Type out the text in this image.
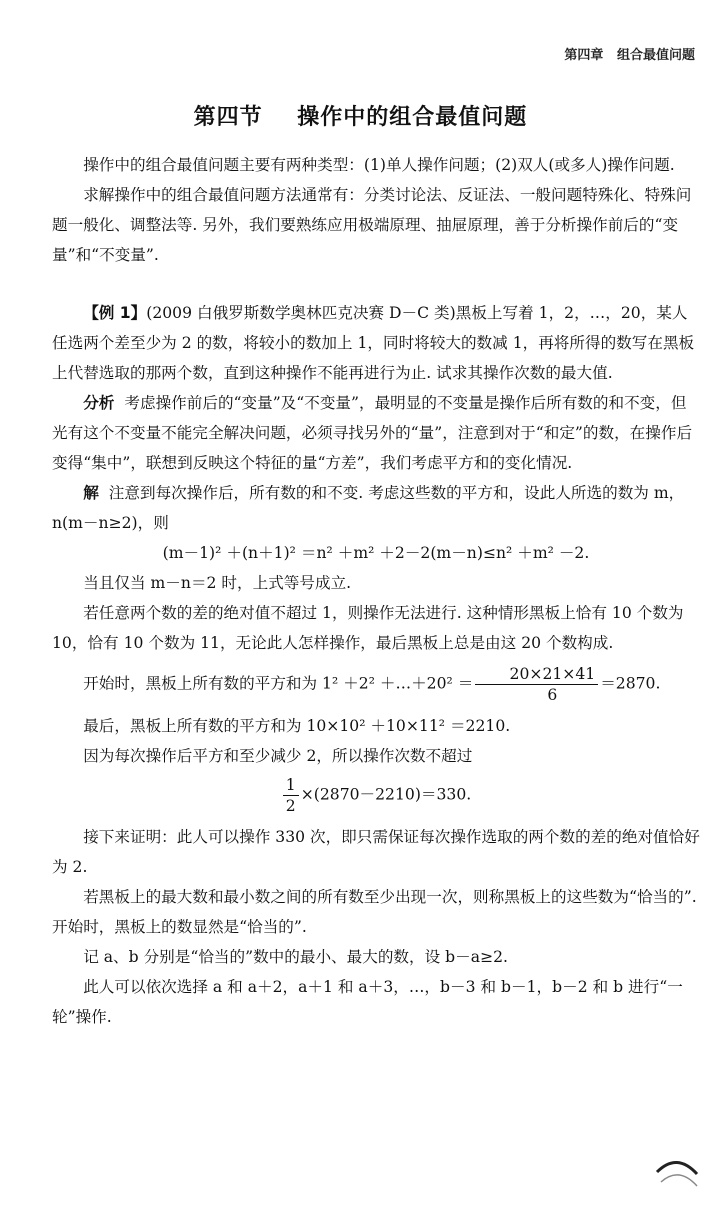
第四章   组合最值问题
第四节    操作中的组合最值问题

操作中的组合最值问题主要有两种类型：(1)单人操作问题；(2)双人(或多人)操作问题.

求解操作中的组合最值问题方法通常有：分类讨论法、反证法、一般问题特殊化、特殊问题一般化、调整法等. 另外，我们要熟练应用极端原理、抽屉原理，善于分析操作前后的“变量”和“不变量”.

【例 1】(2009 白俄罗斯数学奥林匹克决赛 D－C 类)黑板上写着 1，2，…，20，某人任选两个差至少为 2 的数，将较小的数加上 1，同时将较大的数减 1，再将所得的数写在黑板上代替选取的那两个数，直到这种操作不能再进行为止. 试求其操作次数的最大值.

分析 考虑操作前后的“变量”及“不变量”，最明显的不变量是操作后所有数的和不变，但光有这个不变量不能完全解决问题，必须寻找另外的“量”，注意到对于“和定”的数，在操作后变得“集中”，联想到反映这个特征的量“方差”，我们考虑平方和的变化情况.

解 注意到每次操作后，所有数的和不变. 考虑这些数的平方和，设此人所选的数为 m，n(m－n≥2)，则

(m－1)² ＋(n＋1)² ＝n² ＋m² ＋2－2(m－n)≤n² ＋m² －2.

当且仅当 m－n＝2 时，上式等号成立.

若任意两个数的差的绝对值不超过 1，则操作无法进行. 这种情形黑板上恰有 10 个数为 10，恰有 10 个数为 11，无论此人怎样操作，最后黑板上总是由这 20 个数构成.

开始时，黑板上所有数的平方和为 1² ＋2² ＋…＋20² ＝ $\frac{20\times 21\times 41}{6} =2870$.

最后，黑板上所有数的平方和为 10×10² ＋10×11² ＝2210.

因为每次操作后平方和至少减少 2，所以操作次数不超过

$\frac{1}{2} \times(2870-2210)=330$.

接下来证明：此人可以操作 330 次，即只需保证每次操作选取的两个数的差的绝对值恰好为 2.

若黑板上的最大数和最小数之间的所有数至少出现一次，则称黑板上的这些数为“恰当的”. 开始时，黑板上的数显然是“恰当的”.

记 a、b 分别是“恰当的”数中的最小、最大的数，设 b－a≥2.

此人可以依次选择 a 和 a＋2，a＋1 和 a＋3，…，b－3 和 b－1，b－2 和 b 进行“一轮”操作.
